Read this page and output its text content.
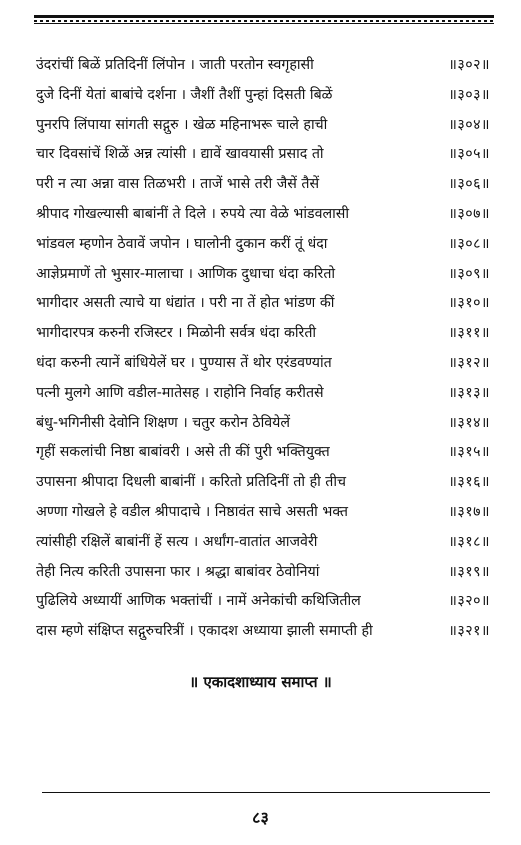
उंदरांचीं बिळें प्रतिदिनीं लिंपोन । जाती परतोन स्वगृहासी	॥३०२॥
दुजे दिनीं येतां बाबांचे दर्शना । जैशीं तैशीं पुन्हां दिसती बिळें	॥३०३॥
पुनरपि लिंपाया सांगती सद्गुरु । खेळ महिनाभरू चाले हाची	॥३०४॥
चार दिवसांचें शिळें अन्न त्यांसी । द्यावें खावयासी प्रसाद तो	॥३०५॥
परी न त्या अन्ना वास तिळभरी । ताजें भासे तरी जैसें तैसें	॥३०६॥
श्रीपाद गोखल्यासी बाबांनीं ते दिले । रुपये त्या वेळे भांडवलासी	॥३०७॥
भांडवल म्हणोन ठेवावें जपोन । घालोनी दुकान करीं तूं धंदा	॥३०८॥
आज्ञेप्रमाणें तो भुसार-मालाचा । आणिक दुधाचा धंदा करितो	॥३०९॥
भागीदार असती त्याचे या धंद्यांत । परी ना तें होत भांडण कीं	॥३१०॥
भागीदारपत्र करुनी रजिस्टर । मिळोनी सर्वत्र धंदा करिती	॥३११॥
धंदा करुनी त्यानें बांधियेलें घर । पुण्यास तें थोर एरंडवण्यांत	॥३१२॥
पत्नी मुलगे आणि वडील-मातेसह । राहोनि निर्वाह करीतसे	॥३१३॥
बंधु-भगिनीसी देवोनि शिक्षण । चतुर करोन ठेवियेलें	॥३१४॥
गृहीं सकलांची निष्ठा बाबांवरी । असे ती कीं पुरी भक्तियुक्त	॥३१५॥
उपासना श्रीपादा दिधली बाबांनीं । करितो प्रतिदिनीं तो ही तीच	॥३१६॥
अण्णा गोखले हे वडील श्रीपादाचे । निष्ठावंत साचे असती भक्त	॥३१७॥
त्यांसीही रक्षिलें बाबांनीं हें सत्य । अर्धांग-वातांत आजवेरी	॥३१८॥
तेही नित्य करिती उपासना फार । श्रद्धा बाबांवर ठेवोनियां	॥३१९॥
पुढिलिये अध्यायीं आणिक भक्तांचीं । नामें अनेकांची कथिजितील	॥३२०॥
दास म्हणे संक्षिप्त सद्गुरुचरित्रीं । एकादश अध्याया झाली समाप्ती ही	॥३२१॥
॥ एकादशाध्याय समाप्त ॥
८३
